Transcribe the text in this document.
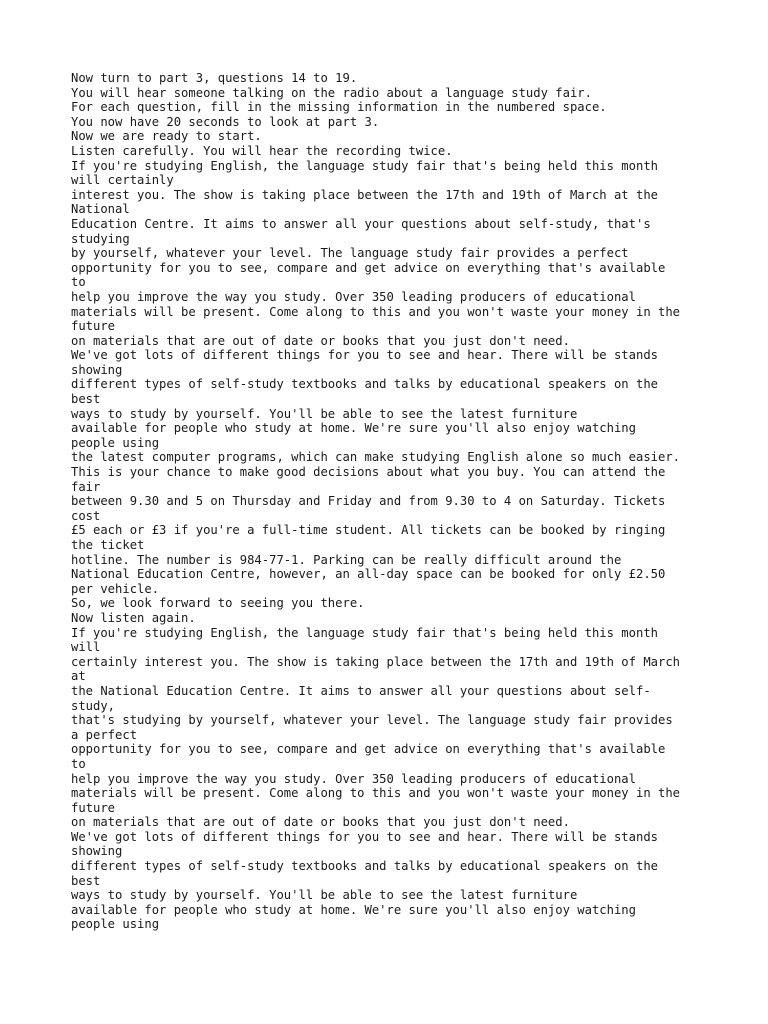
Now turn to part 3, questions 14 to 19.
You will hear someone talking on the radio about a language study fair.
For each question, fill in the missing information in the numbered space.
You now have 20 seconds to look at part 3.
Now we are ready to start.
Listen carefully. You will hear the recording twice.
If you're studying English, the language study fair that's being held this month
will certainly
interest you. The show is taking place between the 17th and 19th of March at the
National
Education Centre. It aims to answer all your questions about self-study, that's
studying
by yourself, whatever your level. The language study fair provides a perfect
opportunity for you to see, compare and get advice on everything that's available
to
help you improve the way you study. Over 350 leading producers of educational
materials will be present. Come along to this and you won't waste your money in the
future
on materials that are out of date or books that you just don't need.
We've got lots of different things for you to see and hear. There will be stands
showing
different types of self-study textbooks and talks by educational speakers on the
best
ways to study by yourself. You'll be able to see the latest furniture
available for people who study at home. We're sure you'll also enjoy watching
people using
the latest computer programs, which can make studying English alone so much easier.
This is your chance to make good decisions about what you buy. You can attend the
fair
between 9.30 and 5 on Thursday and Friday and from 9.30 to 4 on Saturday. Tickets
cost
£5 each or £3 if you're a full-time student. All tickets can be booked by ringing
the ticket
hotline. The number is 984-77-1. Parking can be really difficult around the
National Education Centre, however, an all-day space can be booked for only £2.50
per vehicle.
So, we look forward to seeing you there.
Now listen again.
If you're studying English, the language study fair that's being held this month
will
certainly interest you. The show is taking place between the 17th and 19th of March
at
the National Education Centre. It aims to answer all your questions about self-
study,
that's studying by yourself, whatever your level. The language study fair provides
a perfect
opportunity for you to see, compare and get advice on everything that's available
to
help you improve the way you study. Over 350 leading producers of educational
materials will be present. Come along to this and you won't waste your money in the
future
on materials that are out of date or books that you just don't need.
We've got lots of different things for you to see and hear. There will be stands
showing
different types of self-study textbooks and talks by educational speakers on the
best
ways to study by yourself. You'll be able to see the latest furniture
available for people who study at home. We're sure you'll also enjoy watching
people using
